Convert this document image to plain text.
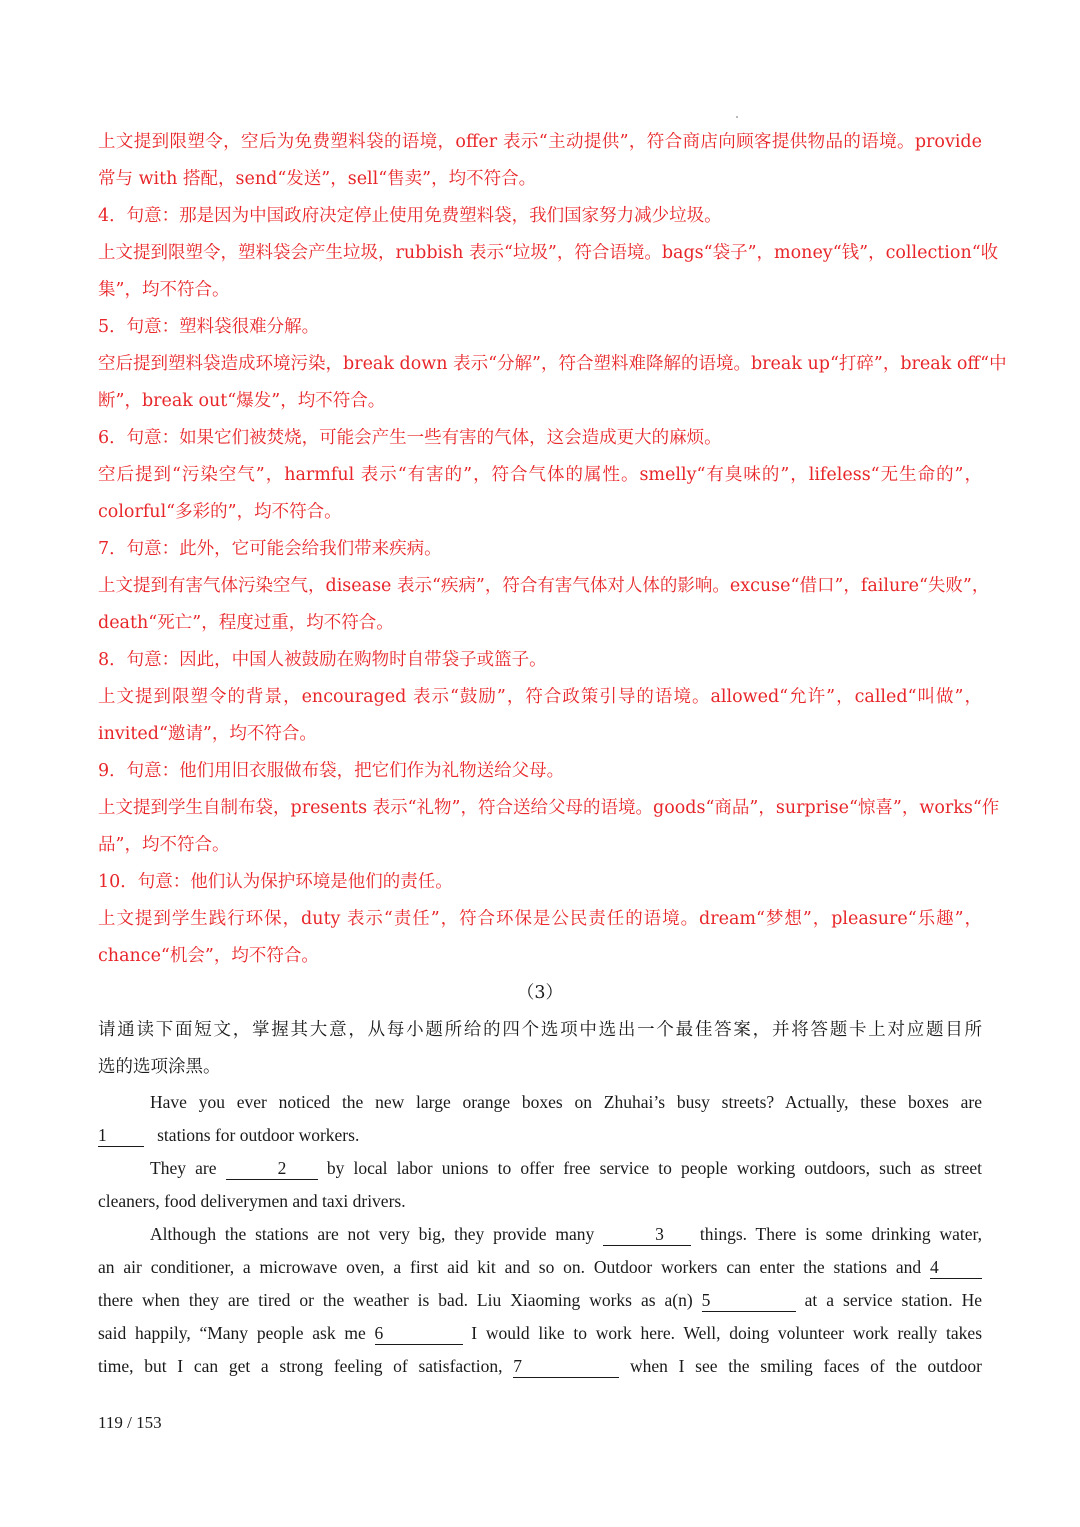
上文提到限塑令，空后为免费塑料袋的语境，offer 表示“主动提供”，符合商店向顾客提供物品的语境。provide

常与 with 搭配，send“发送”，sell“售卖”，均不符合。

4．句意：那是因为中国政府决定停止使用免费塑料袋，我们国家努力减少垃圾。

上文提到限塑令，塑料袋会产生垃圾，rubbish 表示“垃圾”，符合语境。bags“袋子”，money“钱”，collection“收

集”，均不符合。

5．句意：塑料袋很难分解。

空后提到塑料袋造成环境污染，break down 表示“分解”，符合塑料难降解的语境。break up“打碎”，break off“中

断”，break out“爆发”，均不符合。

6．句意：如果它们被焚烧，可能会产生一些有害的气体，这会造成更大的麻烦。

空后提到“污染空气”，harmful 表示“有害的”，符合气体的属性。smelly“有臭味的”，lifeless“无生命的”，

colorful“多彩的”，均不符合。

7．句意：此外，它可能会给我们带来疾病。

上文提到有害气体污染空气，disease 表示“疾病”，符合有害气体对人体的影响。excuse“借口”，failure“失败”，

death“死亡”，程度过重，均不符合。

8．句意：因此，中国人被鼓励在购物时自带袋子或篮子。

上文提到限塑令的背景，encouraged 表示“鼓励”，符合政策引导的语境。allowed“允许”，called“叫做”，

invited“邀请”，均不符合。

9．句意：他们用旧衣服做布袋，把它们作为礼物送给父母。

上文提到学生自制布袋，presents 表示“礼物”，符合送给父母的语境。goods“商品”，surprise“惊喜”，works“作

品”，均不符合。

10．句意：他们认为保护环境是他们的责任。

上文提到学生践行环保，duty 表示“责任”，符合环保是公民责任的语境。dream“梦想”，pleasure“乐趣”，

chance“机会”，均不符合。

（3）

请通读下面短文，掌握其大意，从每小题所给的四个选项中选出一个最佳答案，并将答题卡上对应题目所

选的选项涂黑。

Have you ever noticed the new large orange boxes on Zhuhai’s busy streets? Actually, these boxes are

1	stations for outdoor workers.

They are	2 by local labor unions to offer free service to people working outdoors, such as street

cleaners, food deliverymen and taxi drivers.

Although the stations are not very big, they provide many	3 things. There is some drinking water,

an air conditioner, a microwave oven, a first aid kit and so on. Outdoor workers can enter the stations and 4

there when they are tired or the weather is bad. Liu Xiaoming works as a(n) 5	at a service station. He

said happily, “Many people ask me 6	I would like to work here. Well, doing volunteer work really takes

time, but I can get a strong feeling of satisfaction, 7	when I see the smiling faces of the outdoor

119 / 153
